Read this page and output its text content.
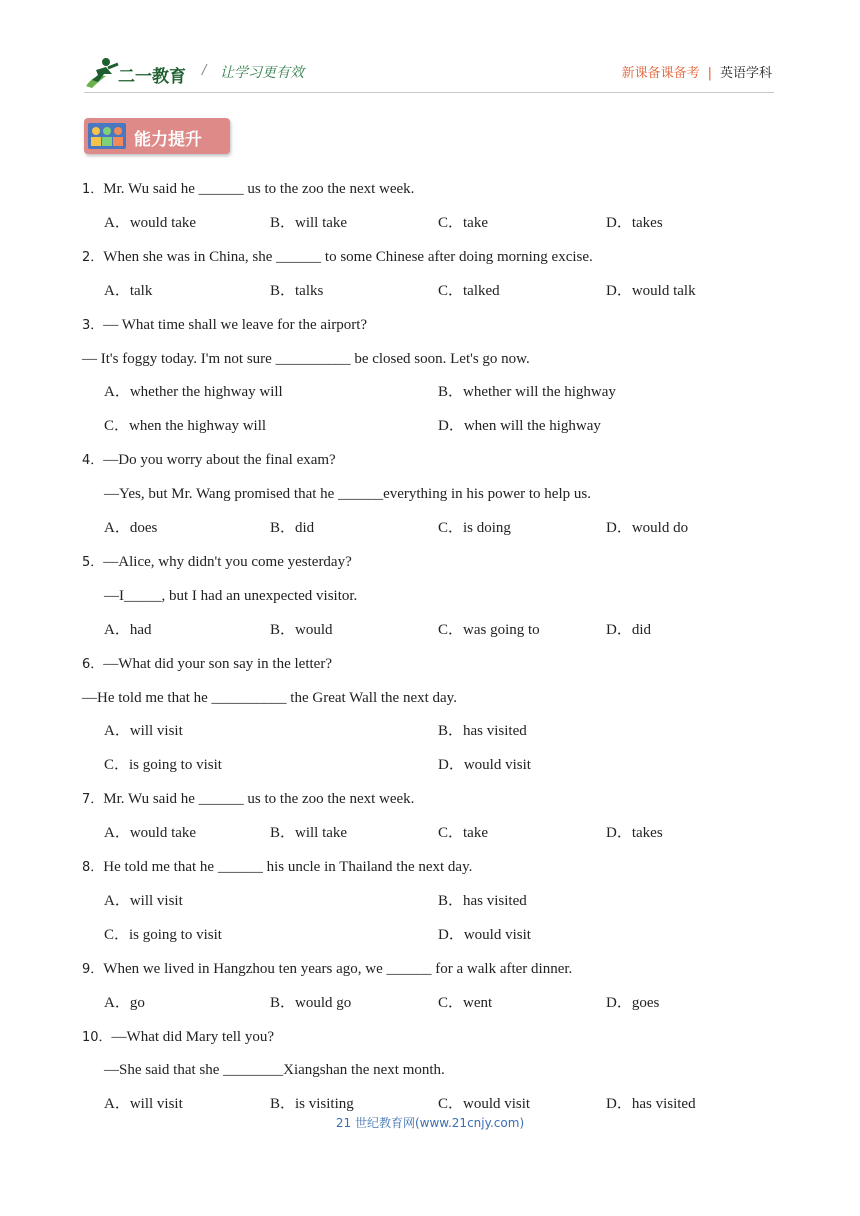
二一教育 / 让学习更有效	新课备课备考 | 英语学科
能力提升
1．Mr. Wu said he ______ us to the zoo the next week.
A．would take	B．will take	C．take	D．takes
2．When she was in China, she ______ to some Chinese after doing morning excise.
A．talk	B．talks	C．talked	D．would talk
3．— What time shall we leave for the airport?
— It's foggy today. I'm not sure __________ be closed soon. Let's go now.
A．whether the highway will	B．whether will the highway
C．when the highway will	D．when will the highway
4．—Do you worry about the final exam?
—Yes, but Mr. Wang promised that he ______everything in his power to help us.
A．does	B．did	C．is doing	D．would do
5．—Alice, why didn't you come yesterday?
—I_____, but I had an unexpected visitor.
A．had	B．would	C．was going to	D．did
6．—What did your son say in the letter?
—He told me that he __________ the Great Wall the next day.
A．will visit	B．has visited
C．is going to visit	D．would visit
7．Mr. Wu said he ______ us to the zoo the next week.
A．would take	B．will take	C．take	D．takes
8．He told me that he ______ his uncle in Thailand the next day.
A．will visit	B．has visited
C．is going to visit	D．would visit
9．When we lived in Hangzhou ten years ago, we ______ for a walk after dinner.
A．go	B．would go	C．went	D．goes
10．—What did Mary tell you?
—She said that she ________Xiangshan the next month.
A．will visit	B．is visiting	C．would visit	D．has visited
21 世纪教育网(www.21cnjy.com)
